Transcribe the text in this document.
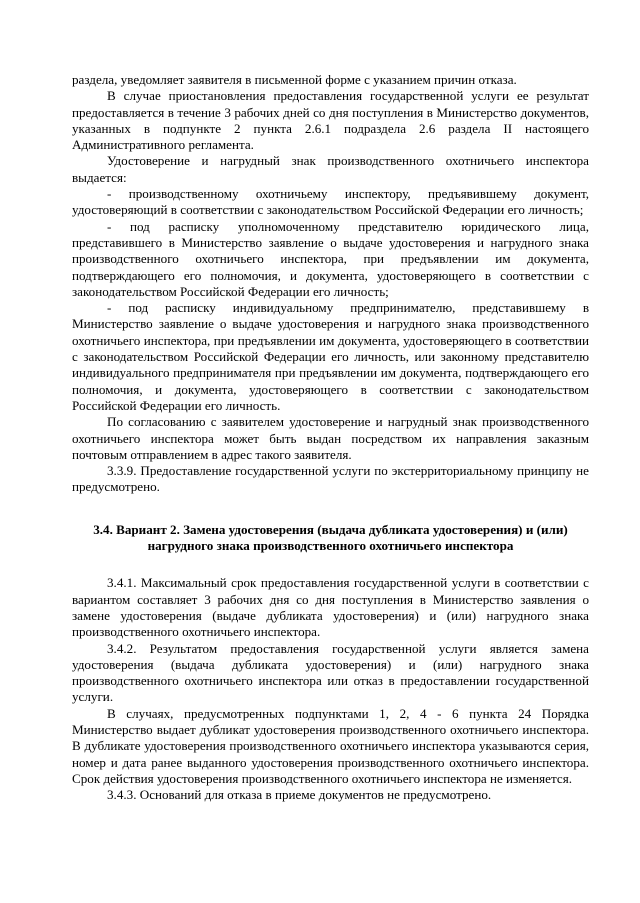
раздела, уведомляет заявителя в письменной форме с указанием причин отказа.

В случае приостановления предоставления государственной услуги ее результат предоставляется в течение 3 рабочих дней со дня поступления в Министерство документов, указанных в подпункте 2 пункта 2.6.1 подраздела 2.6 раздела II настоящего Административного регламента.

Удостоверение и нагрудный знак производственного охотничьего инспектора выдается:

- производственному охотничьему инспектору, предъявившему документ, удостоверяющий в соответствии с законодательством Российской Федерации его личность;

- под расписку уполномоченному представителю юридического лица, представившего в Министерство заявление о выдаче удостоверения и нагрудного знака производственного охотничьего инспектора, при предъявлении им документа, подтверждающего его полномочия, и документа, удостоверяющего в соответствии с законодательством Российской Федерации его личность;

- под расписку индивидуальному предпринимателю, представившему в Министерство заявление о выдаче удостоверения и нагрудного знака производственного охотничьего инспектора, при предъявлении им документа, удостоверяющего в соответствии с законодательством Российской Федерации его личность, или законному представителю индивидуального предпринимателя при предъявлении им документа, подтверждающего его полномочия, и документа, удостоверяющего в соответствии с законодательством Российской Федерации его личность.

По согласованию с заявителем удостоверение и нагрудный знак производственного охотничьего инспектора может быть выдан посредством их направления заказным почтовым отправлением в адрес такого заявителя.

3.3.9. Предоставление государственной услуги по экстерриториальному принципу не предусмотрено.

3.4. Вариант 2. Замена удостоверения (выдача дубликата удостоверения) и (или) нагрудного знака производственного охотничьего инспектора

3.4.1. Максимальный срок предоставления государственной услуги в соответствии с вариантом составляет 3 рабочих дня со дня поступления в Министерство заявления о замене удостоверения (выдаче дубликата удостоверения) и (или) нагрудного знака производственного охотничьего инспектора.

3.4.2. Результатом предоставления государственной услуги является замена удостоверения (выдача дубликата удостоверения) и (или) нагрудного знака производственного охотничьего инспектора или отказ в предоставлении государственной услуги.

В случаях, предусмотренных подпунктами 1, 2, 4 - 6 пункта 24 Порядка Министерство выдает дубликат удостоверения производственного охотничьего инспектора. В дубликате удостоверения производственного охотничьего инспектора указываются серия, номер и дата ранее выданного удостоверения производственного охотничьего инспектора. Срок действия удостоверения производственного охотничьего инспектора не изменяется.

3.4.3. Оснований для отказа в приеме документов не предусмотрено.
